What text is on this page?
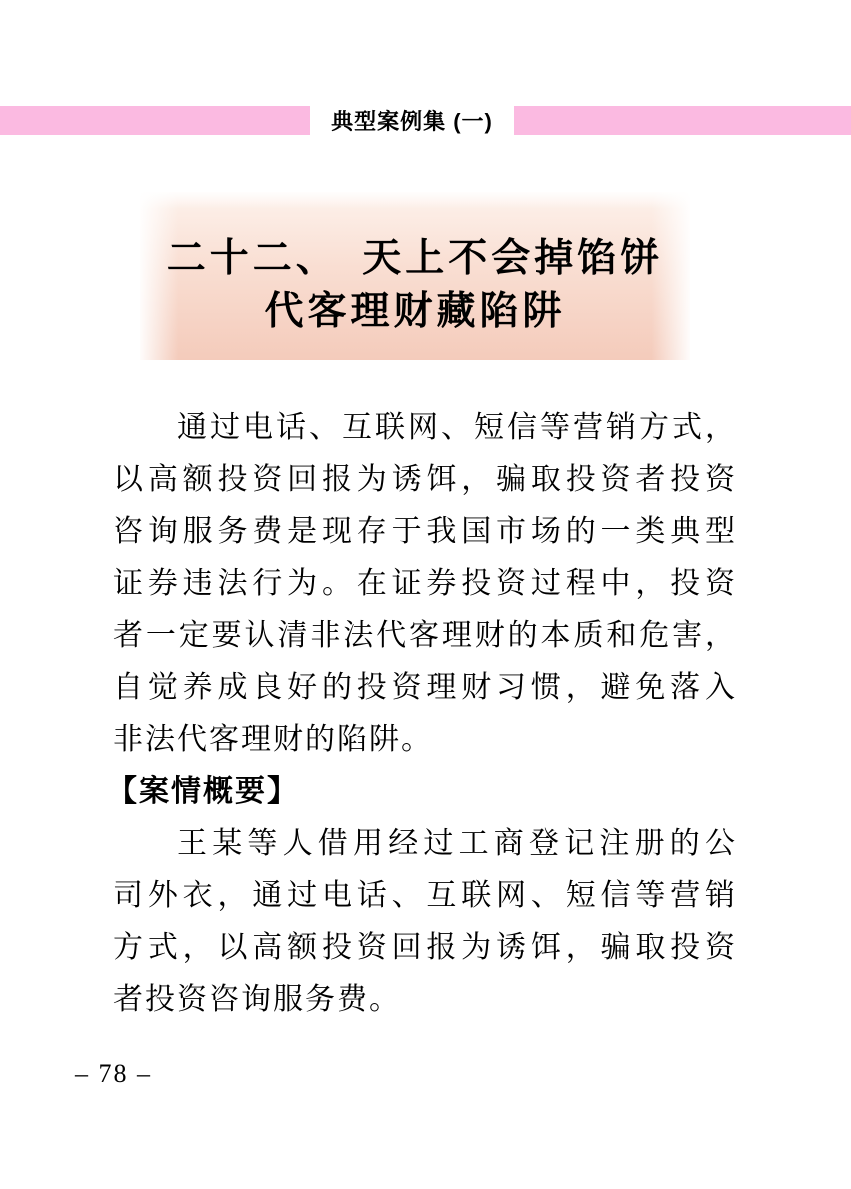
典型案例集 (一)
二十二、　天上不会掉馅饼
代客理财藏陷阱
通过电话、互联网、短信等营销方式，
以高额投资回报为诱饵，骗取投资者投资
咨询服务费是现存于我国市场的一类典型
证券违法行为。在证券投资过程中，投资
者一定要认清非法代客理财的本质和危害，
自觉养成良好的投资理财习惯，避免落入
非法代客理财的陷阱。
【案情概要】
王某等人借用经过工商登记注册的公
司外衣，通过电话、互联网、短信等营销
方式，以高额投资回报为诱饵，骗取投资
者投资咨询服务费。
– 78 –
